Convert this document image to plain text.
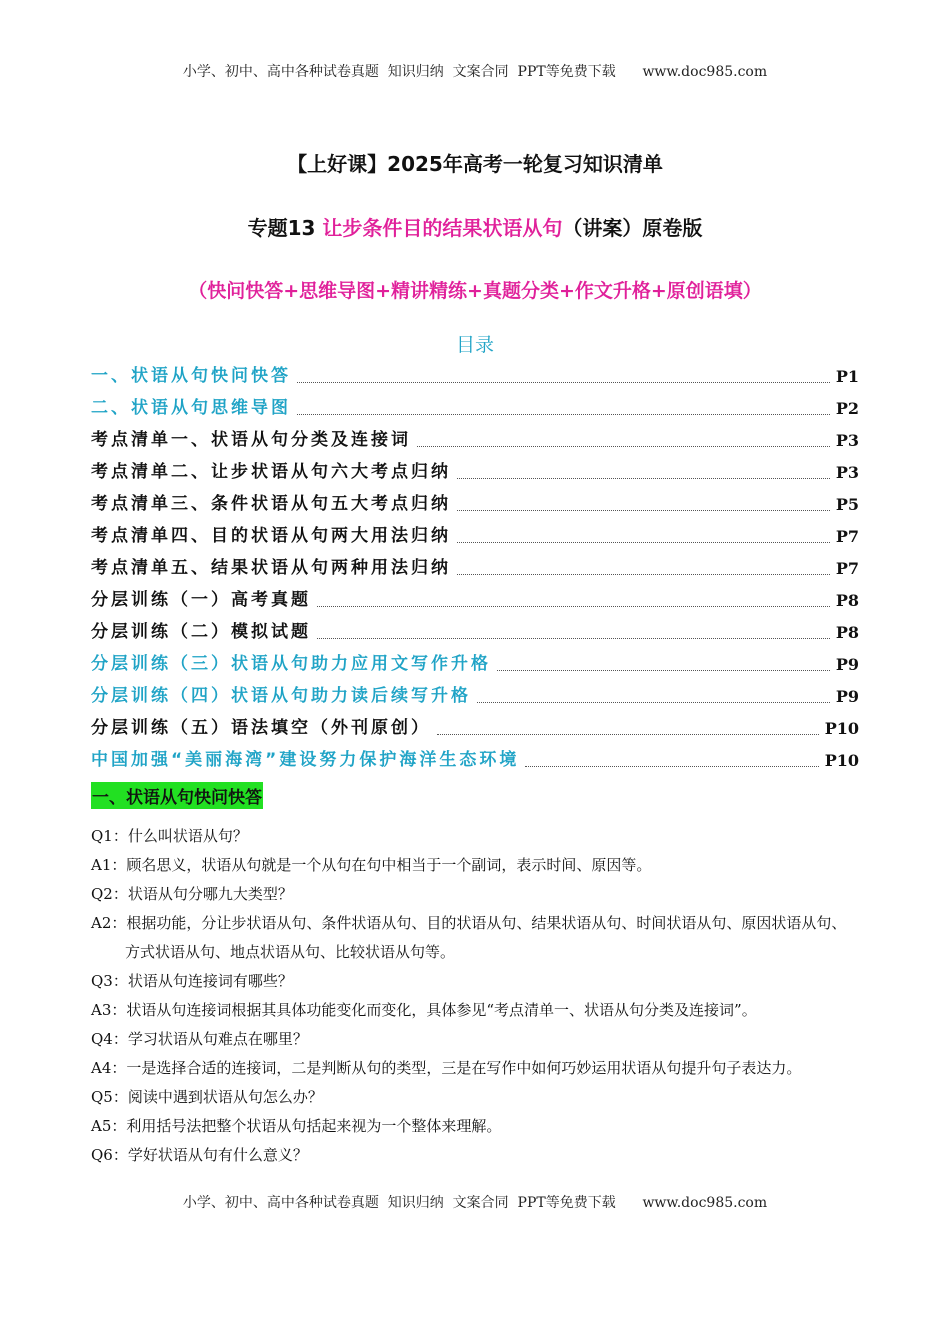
小学、初中、高中各种试卷真题  知识归纳  文案合同  PPT等免费下载      www.doc985.com
【上好课】2025年高考一轮复习知识清单
专题13 让步条件目的结果状语从句（讲案）原卷版
（快问快答+思维导图+精讲精练+真题分类+作文升格+原创语填）
目录
一、状语从句快问快答	P1
二、状语从句思维导图	P2
考点清单一、状语从句分类及连接词	P3
考点清单二、让步状语从句六大考点归纳	P3
考点清单三、条件状语从句五大考点归纳	P5
考点清单四、目的状语从句两大用法归纳	P7
考点清单五、结果状语从句两种用法归纳	P7
分层训练（一）高考真题	P8
分层训练（二）模拟试题	P8
分层训练（三）状语从句助力应用文写作升格	P9
分层训练（四）状语从句助力读后续写升格	P9
分层训练（五）语法填空（外刊原创）	P10
中国加强“美丽海湾”建设努力保护海洋生态环境	P10
一、状语从句快问快答

Q1：什么叫状语从句？

A1：顾名思义，状语从句就是一个从句在句中相当于一个副词，表示时间、原因等。

Q2：状语从句分哪九大类型？

A2：根据功能，分让步状语从句、条件状语从句、目的状语从句、结果状语从句、时间状语从句、原因状语从句、方式状语从句、地点状语从句、比较状语从句等。

Q3：状语从句连接词有哪些？

A3：状语从句连接词根据其具体功能变化而变化，具体参见“考点清单一、状语从句分类及连接词”。

Q4：学习状语从句难点在哪里？

A4：一是选择合适的连接词，二是判断从句的类型，三是在写作中如何巧妙运用状语从句提升句子表达力。

Q5：阅读中遇到状语从句怎么办？

A5：利用括号法把整个状语从句括起来视为一个整体来理解。

Q6：学好状语从句有什么意义？

小学、初中、高中各种试卷真题  知识归纳  文案合同  PPT等免费下载      www.doc985.com
